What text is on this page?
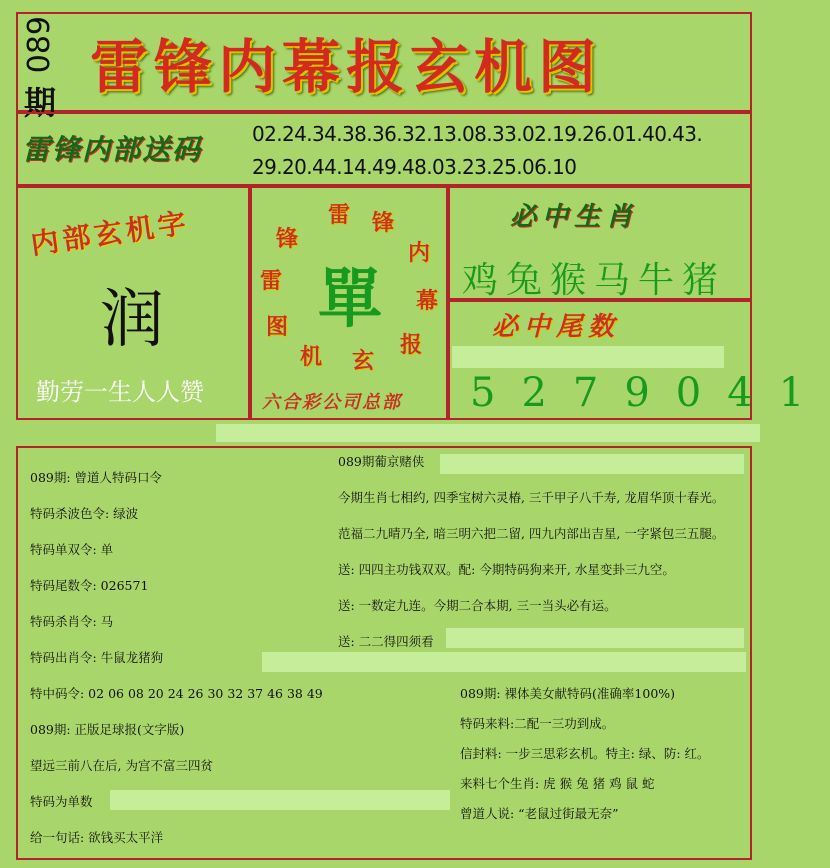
089
期
雷锋内幕报玄机图
雷锋内部送码 02.24.34.38.36.32.13.08.33.02.19.26.01.40.43.
29.20.44.14.49.48.03.23.25.06.10
内部玄机字
润
勤劳一生人人赞
雷 锋
内
幕
报
玄
机
图
雷
锋
單
六合彩公司总部
必中生肖
鸡兔猴马牛猪
必中尾数
5279041
089期: 曾道人特码口令
特码杀波色令: 绿波
特码单双令: 单
特码尾数令: 026571
特码杀肖令: 马
特码出肖令: 牛鼠龙猪狗
特中码令: 02 06 08 20 24 26 30 32 37 46 38 49
089期: 正版足球报(文字版)
望远三前八在后, 为宫不富三四贫
特码为单数
给一句话: 欲钱买太平洋
089期葡京赌侠
今期生肖七相约, 四季宝树六灵椿, 三千甲子八千寿, 龙眉华顶十春光。
范福二九晴乃全, 暗三明六把二留, 四九内部出吉星, 一字紧包三五腿。
送: 四四主功钱双双。配: 今期特码狗来开, 水星变卦三九空。
送: 一数定九连。今期二合本期, 三一当头必有运。
送: 二二得四须看
089期: 裸体美女献特码(准确率100%)
特码来料:二配一三功到成。
信封料: 一步三思彩玄机。特主: 绿、防: 红。
来料七个生肖: 虎 猴 兔 猪 鸡 鼠 蛇
曾道人说: “老鼠过街最无奈”
